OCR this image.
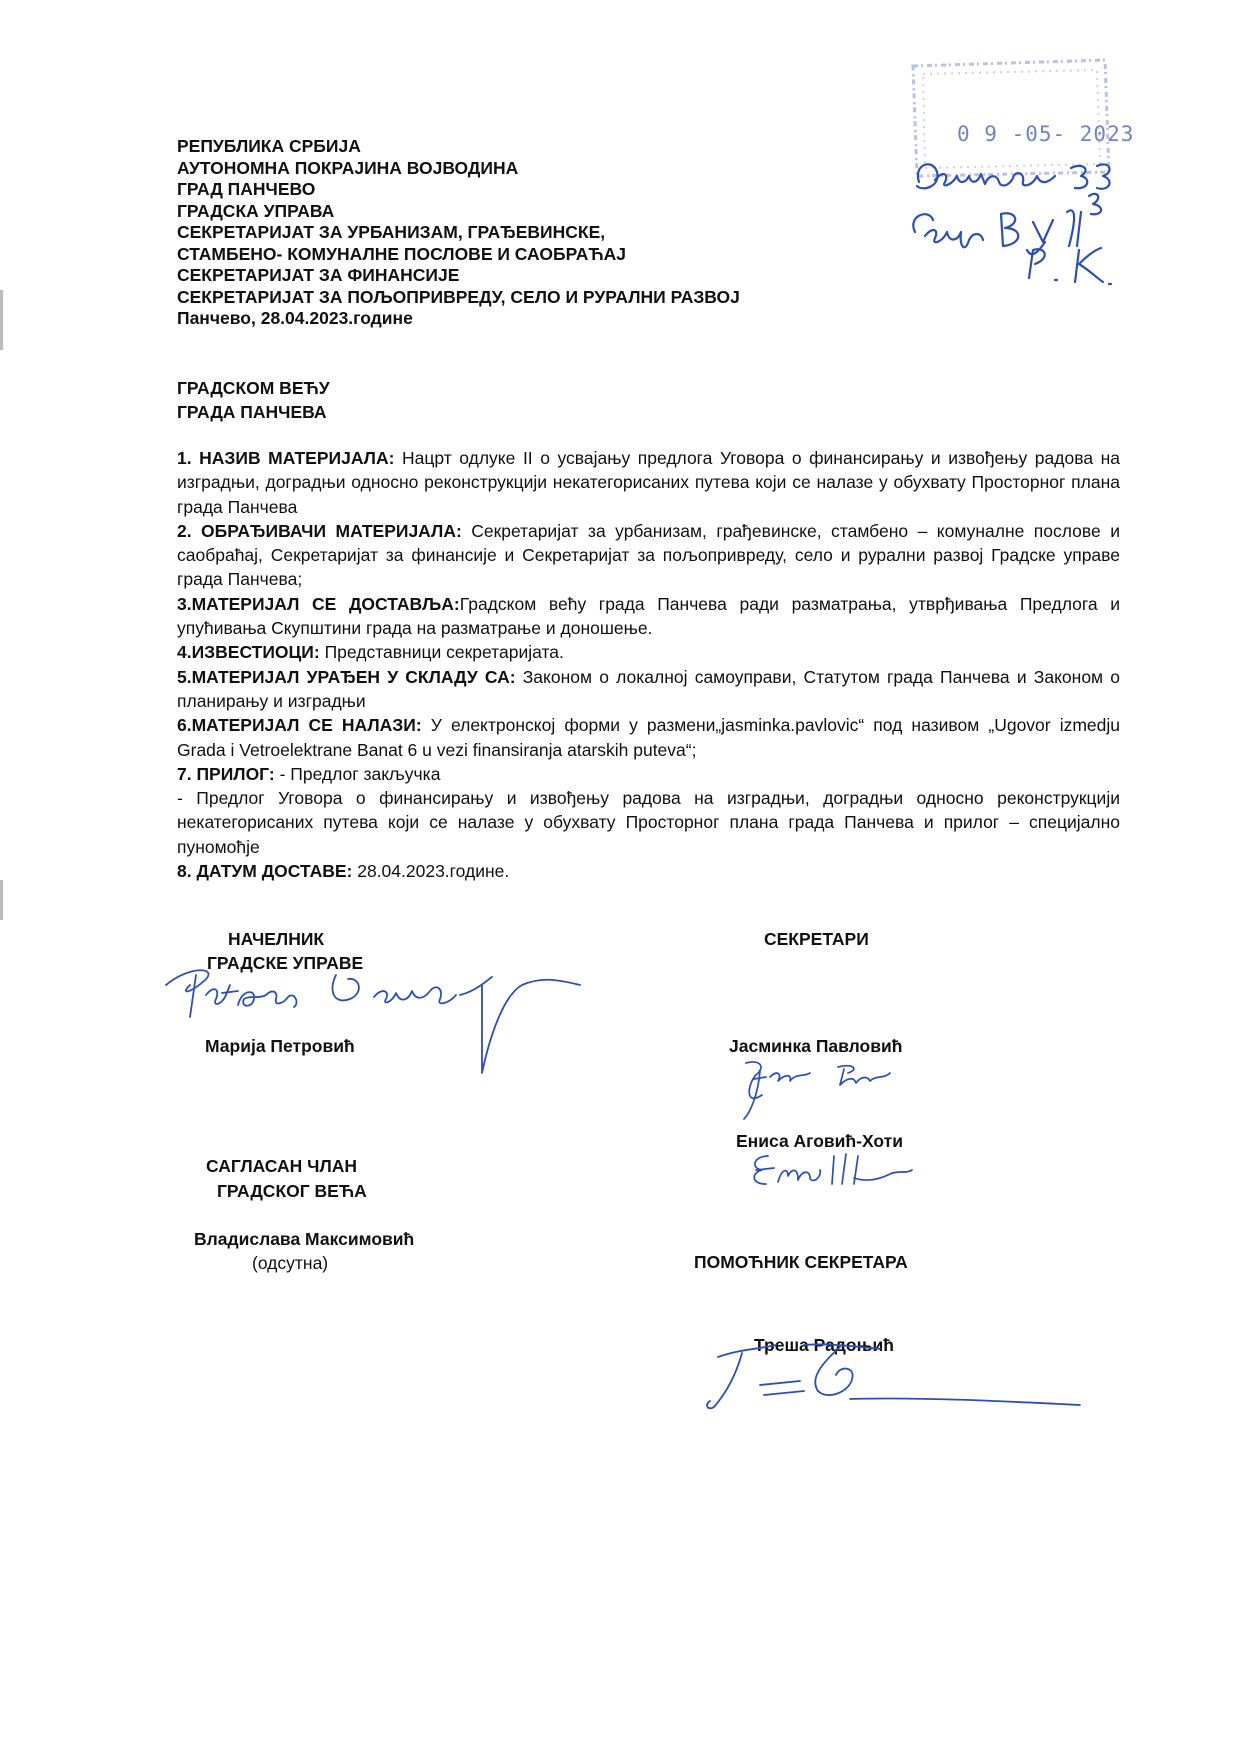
РЕПУБЛИКА СРБИЈА
АУТОНОМНА ПОКРАЈИНА ВОЈВОДИНА
ГРАД ПАНЧЕВО
ГРАДСКА УПРАВА
СЕКРЕТАРИЈАТ ЗА УРБАНИЗАМ, ГРАЂЕВИНСКЕ,
СТАМБЕНО- КОМУНАЛНЕ ПОСЛОВЕ И САОБРАЋАЈ
СЕКРЕТАРИЈАТ ЗА ФИНАНСИЈЕ
СЕКРЕТАРИЈАТ ЗА ПОЉОПРИВРЕДУ, СЕЛО И РУРАЛНИ РАЗВОЈ
Панчево, 28.04.2023.године
0 9 -05- 2023
ГРАДСКОМ ВЕЋУ
ГРАДА ПАНЧЕВА

1. НАЗИВ МАТЕРИЈАЛА: Нацрт одлуке II о усвајању предлога Уговора о финансирању и извођењу радова на изградњи, доградњи односно реконструкцији некатегорисаних путева који се налазе у обухвату Просторног плана града Панчева

2. ОБРАЂИВАЧИ МАТЕРИЈАЛА: Секретаријат за урбанизам, грађевинске, стамбено – комуналне послове и саобраћај, Секретаријат за финансије и Секретаријат за пољопривреду, село и рурални развој Градске управе града Панчева;

3.МАТЕРИЈАЛ СЕ ДОСТАВЉА:Градском већу града Панчева ради разматрања, утврђивања Предлога и упућивања Скупштини града на разматрање и доношење.

4.ИЗВЕСТИОЦИ: Представници секретаријата.

5.МАТЕРИЈАЛ УРАЂЕН У СКЛАДУ СА: Законом о локалној самоуправи, Статутом града Панчева и Законом о планирању и изградњи

6.МАТЕРИЈАЛ СЕ НАЛАЗИ: У електронској форми у размени„jasminka.pavlovic“ под називом „Ugovor izmedju Grada i Vetroelektrane Banat 6 u vezi finansiranja atarskih puteva“;

7. ПРИЛОГ: - Предлог закључка

- Предлог Уговора о финансирању и извођењу радова на изградњи, доградњи односно реконструкцији некатегорисаних путева који се налазе у обухвату Просторног плана града Панчева и прилог – специјално пуномоћје

8. ДАТУМ ДОСТАВЕ: 28.04.2023.године.

НАЧЕЛНИК
ГРАДСКЕ УПРАВЕ
Марија Петровић
САГЛАСАН ЧЛАН
ГРАДСКОГ ВЕЋА
Владислава Максимовић
(одсутна)
СЕКРЕТАРИ
Јасминка Павловић
Ениса Аговић-Хоти
ПОМОЋНИК СЕКРЕТАРА
Треша Радоњић
